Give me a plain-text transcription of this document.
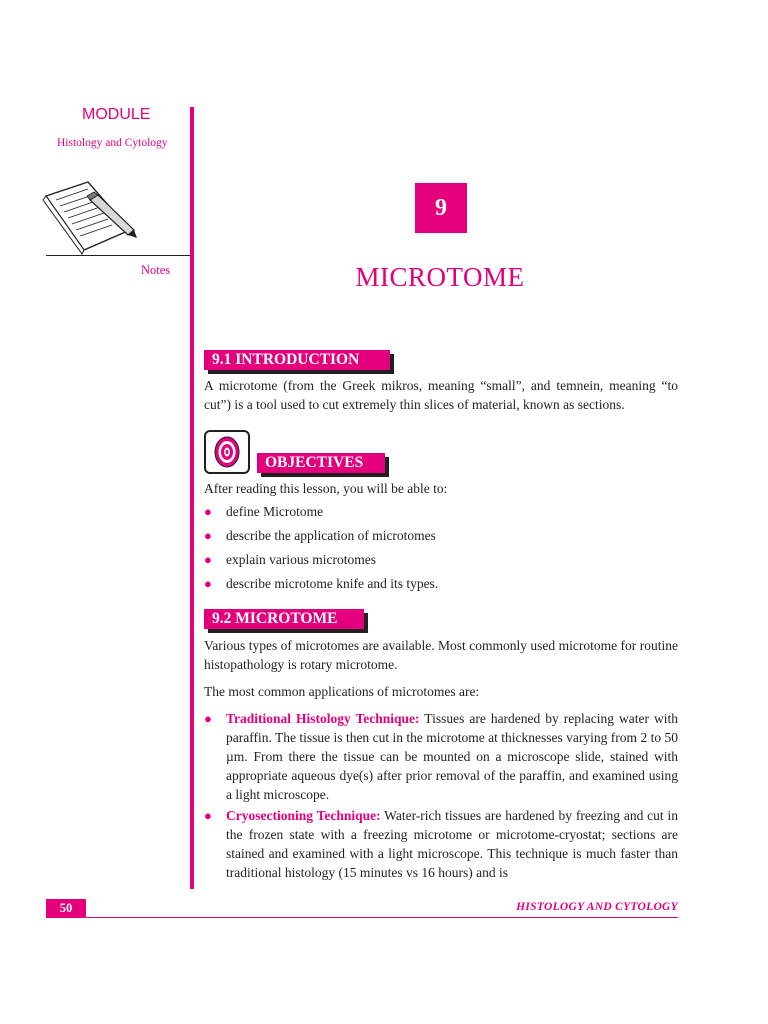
MODULE
Histology and Cytology
Notes
9
MICROTOME
9.1 INTRODUCTION
A microtome (from the Greek mikros, meaning “small”, and temnein, meaning “to cut”) is a tool used to cut extremely thin slices of material, known as sections.
OBJECTIVES
After reading this lesson, you will be able to:
● define Microtome
● describe the application of microtomes
● explain various microtomes
● describe microtome knife and its types.
9.2 MICROTOME
Various types of microtomes are available. Most commonly used microtome for routine histopathology is rotary microtome.
The most common applications of microtomes are:
● Traditional Histology Technique: Tissues are hardened by replacing water with paraffin. The tissue is then cut in the microtome at thicknesses varying from 2 to 50 µm. From there the tissue can be mounted on a microscope slide, stained with appropriate aqueous dye(s) after prior removal of the paraffin, and examined using a light microscope.
● Cryosectioning Technique: Water-rich tissues are hardened by freezing and cut in the frozen state with a freezing microtome or microtome-cryostat; sections are stained and examined with a light microscope. This technique is much faster than traditional histology (15 minutes vs 16 hours) and is
50	HISTOLOGY AND CYTOLOGY
